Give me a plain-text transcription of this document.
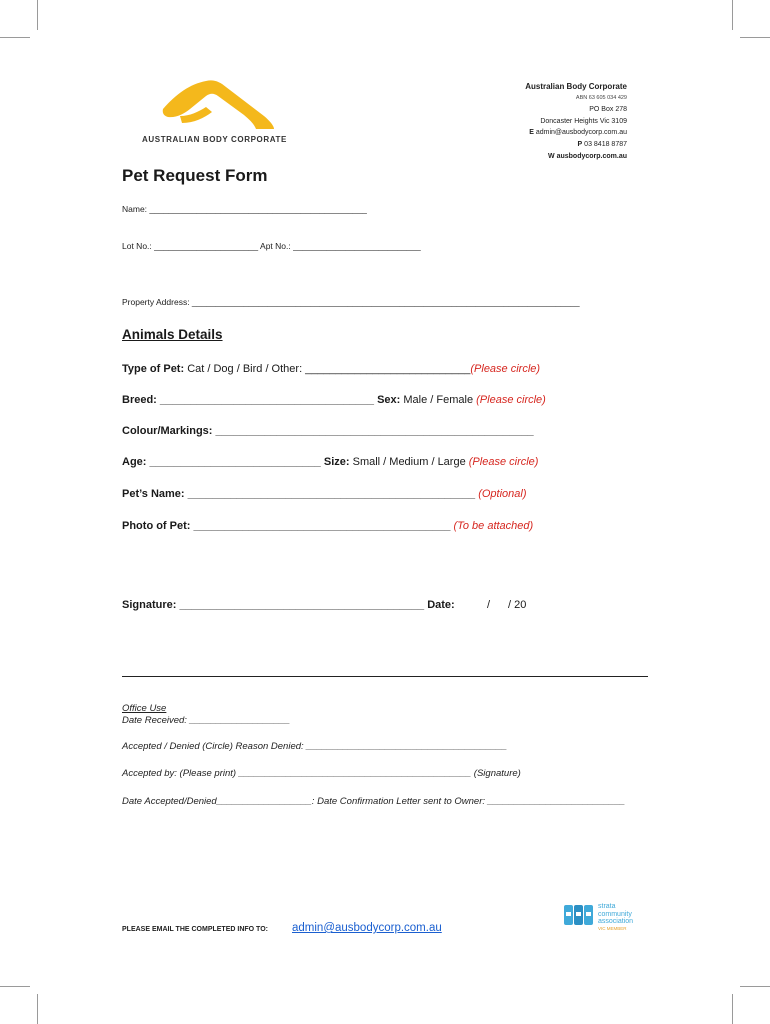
AUSTRALIAN BODY CORPORATE
Australian Body Corporate
ABN 63 605 034 429
PO Box 278
Doncaster Heights Vic 3109
E admin@ausbodycorp.com.au
P 03 8418 8787
W ausbodycorp.com.au
Pet Request Form
Name: ______________________________________________
Lot No.: ______________________ Apt No.: ___________________________
Property Address: __________________________________________________________________________________
Animals Details
Type of Pet: Cat / Dog / Bird / Other: ___________________________(Please circle)
Breed: ___________________________________ Sex: Male / Female (Please circle)
Colour/Markings: ____________________________________________________
Age: ____________________________ Size: Small / Medium / Large (Please circle)
Pet’s Name: _______________________________________________ (Optional)
Photo of Pet: __________________________________________ (To be attached)
Signature: ________________________________________ Date:	/ / 20
Office Use
Date Received: ___________________
Accepted / Denied (Circle) Reason Denied: ______________________________________
Accepted by: (Please print) ____________________________________________ (Signature)
Date Accepted/Denied__________________: Date Confirmation Letter sent to Owner: __________________________
PLEASE EMAIL THE COMPLETED INFO TO: admin@ausbodycorp.com.au
strata
community
association
VIC MEMBER
